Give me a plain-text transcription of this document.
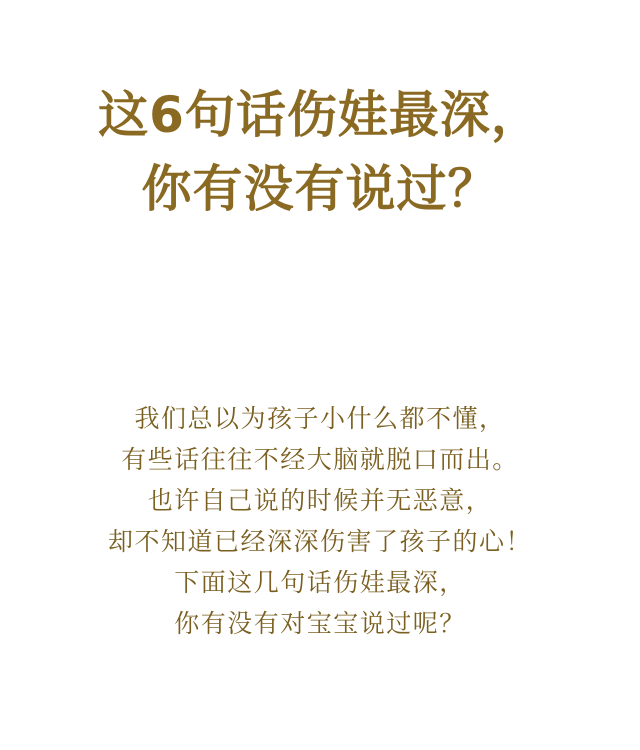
这6句话伤娃最深，
你有没有说过？
我们总以为孩子小什么都不懂，
有些话往往不经大脑就脱口而出。
也许自己说的时候并无恶意，
却不知道已经深深伤害了孩子的心！
下面这几句话伤娃最深，
你有没有对宝宝说过呢？
